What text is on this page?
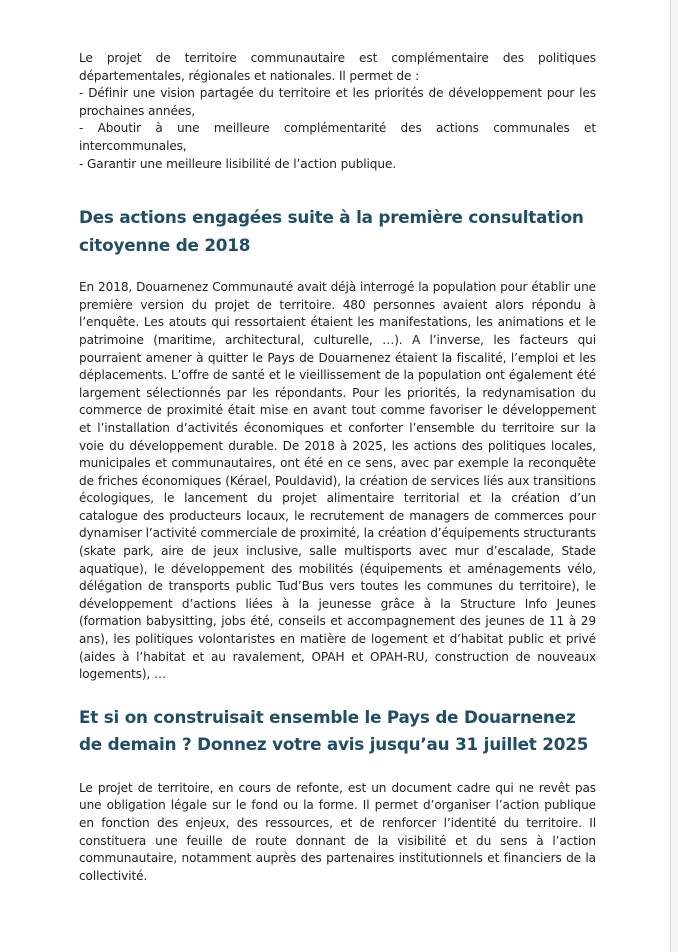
Le projet de territoire communautaire est complémentaire des politiques départementales, régionales et nationales. Il permet de :
- Définir une vision partagée du territoire et les priorités de développement pour les prochaines années,
- Aboutir à une meilleure complémentarité des actions communales et intercommunales,
- Garantir une meilleure lisibilité de l’action publique.

Des actions engagées suite à la première consultation citoyenne de 2018

En 2018, Douarnenez Communauté avait déjà interrogé la population pour établir une première version du projet de territoire. 480 personnes avaient alors répondu à l’enquête. Les atouts qui ressortaient étaient les manifestations, les animations et le patrimoine (maritime, architectural, culturelle, …). A l’inverse, les facteurs qui pourraient amener à quitter le Pays de Douarnenez étaient la fiscalité, l’emploi et les déplacements. L’offre de santé et le vieillissement de la population ont également été largement sélectionnés par les répondants. Pour les priorités, la redynamisation du commerce de proximité était mise en avant tout comme favoriser le développement et l’installation d’activités économiques et conforter l’ensemble du territoire sur la voie du développement durable. De 2018 à 2025, les actions des politiques locales, municipales et communautaires, ont été en ce sens, avec par exemple la reconquête de friches économiques (Kérael, Pouldavid), la création de services liés aux transitions écologiques, le lancement du projet alimentaire territorial et la création d’un catalogue des producteurs locaux, le recrutement de managers de commerces pour dynamiser l’activité commerciale de proximité, la création d’équipements structurants (skate park, aire de jeux inclusive, salle multisports avec mur d’escalade, Stade aquatique), le développement des mobilités (équipements et aménagements vélo, délégation de transports public Tud’Bus vers toutes les communes du territoire), le développement d’actions liées à la jeunesse grâce à la Structure Info Jeunes (formation babysitting, jobs été, conseils et accompagnement des jeunes de 11 à 29 ans), les politiques volontaristes en matière de logement et d’habitat public et privé (aides à l’habitat et au ravalement, OPAH et OPAH-RU, construction de nouveaux logements), …

Et si on construisait ensemble le Pays de Douarnenez de demain ? Donnez votre avis jusqu’au 31 juillet 2025

Le projet de territoire, en cours de refonte, est un document cadre qui ne revêt pas une obligation légale sur le fond ou la forme. Il permet d’organiser l’action publique en fonction des enjeux, des ressources, et de renforcer l’identité du territoire. Il constituera une feuille de route donnant de la visibilité et du sens à l’action communautaire, notamment auprès des partenaires institutionnels et financiers de la collectivité.
